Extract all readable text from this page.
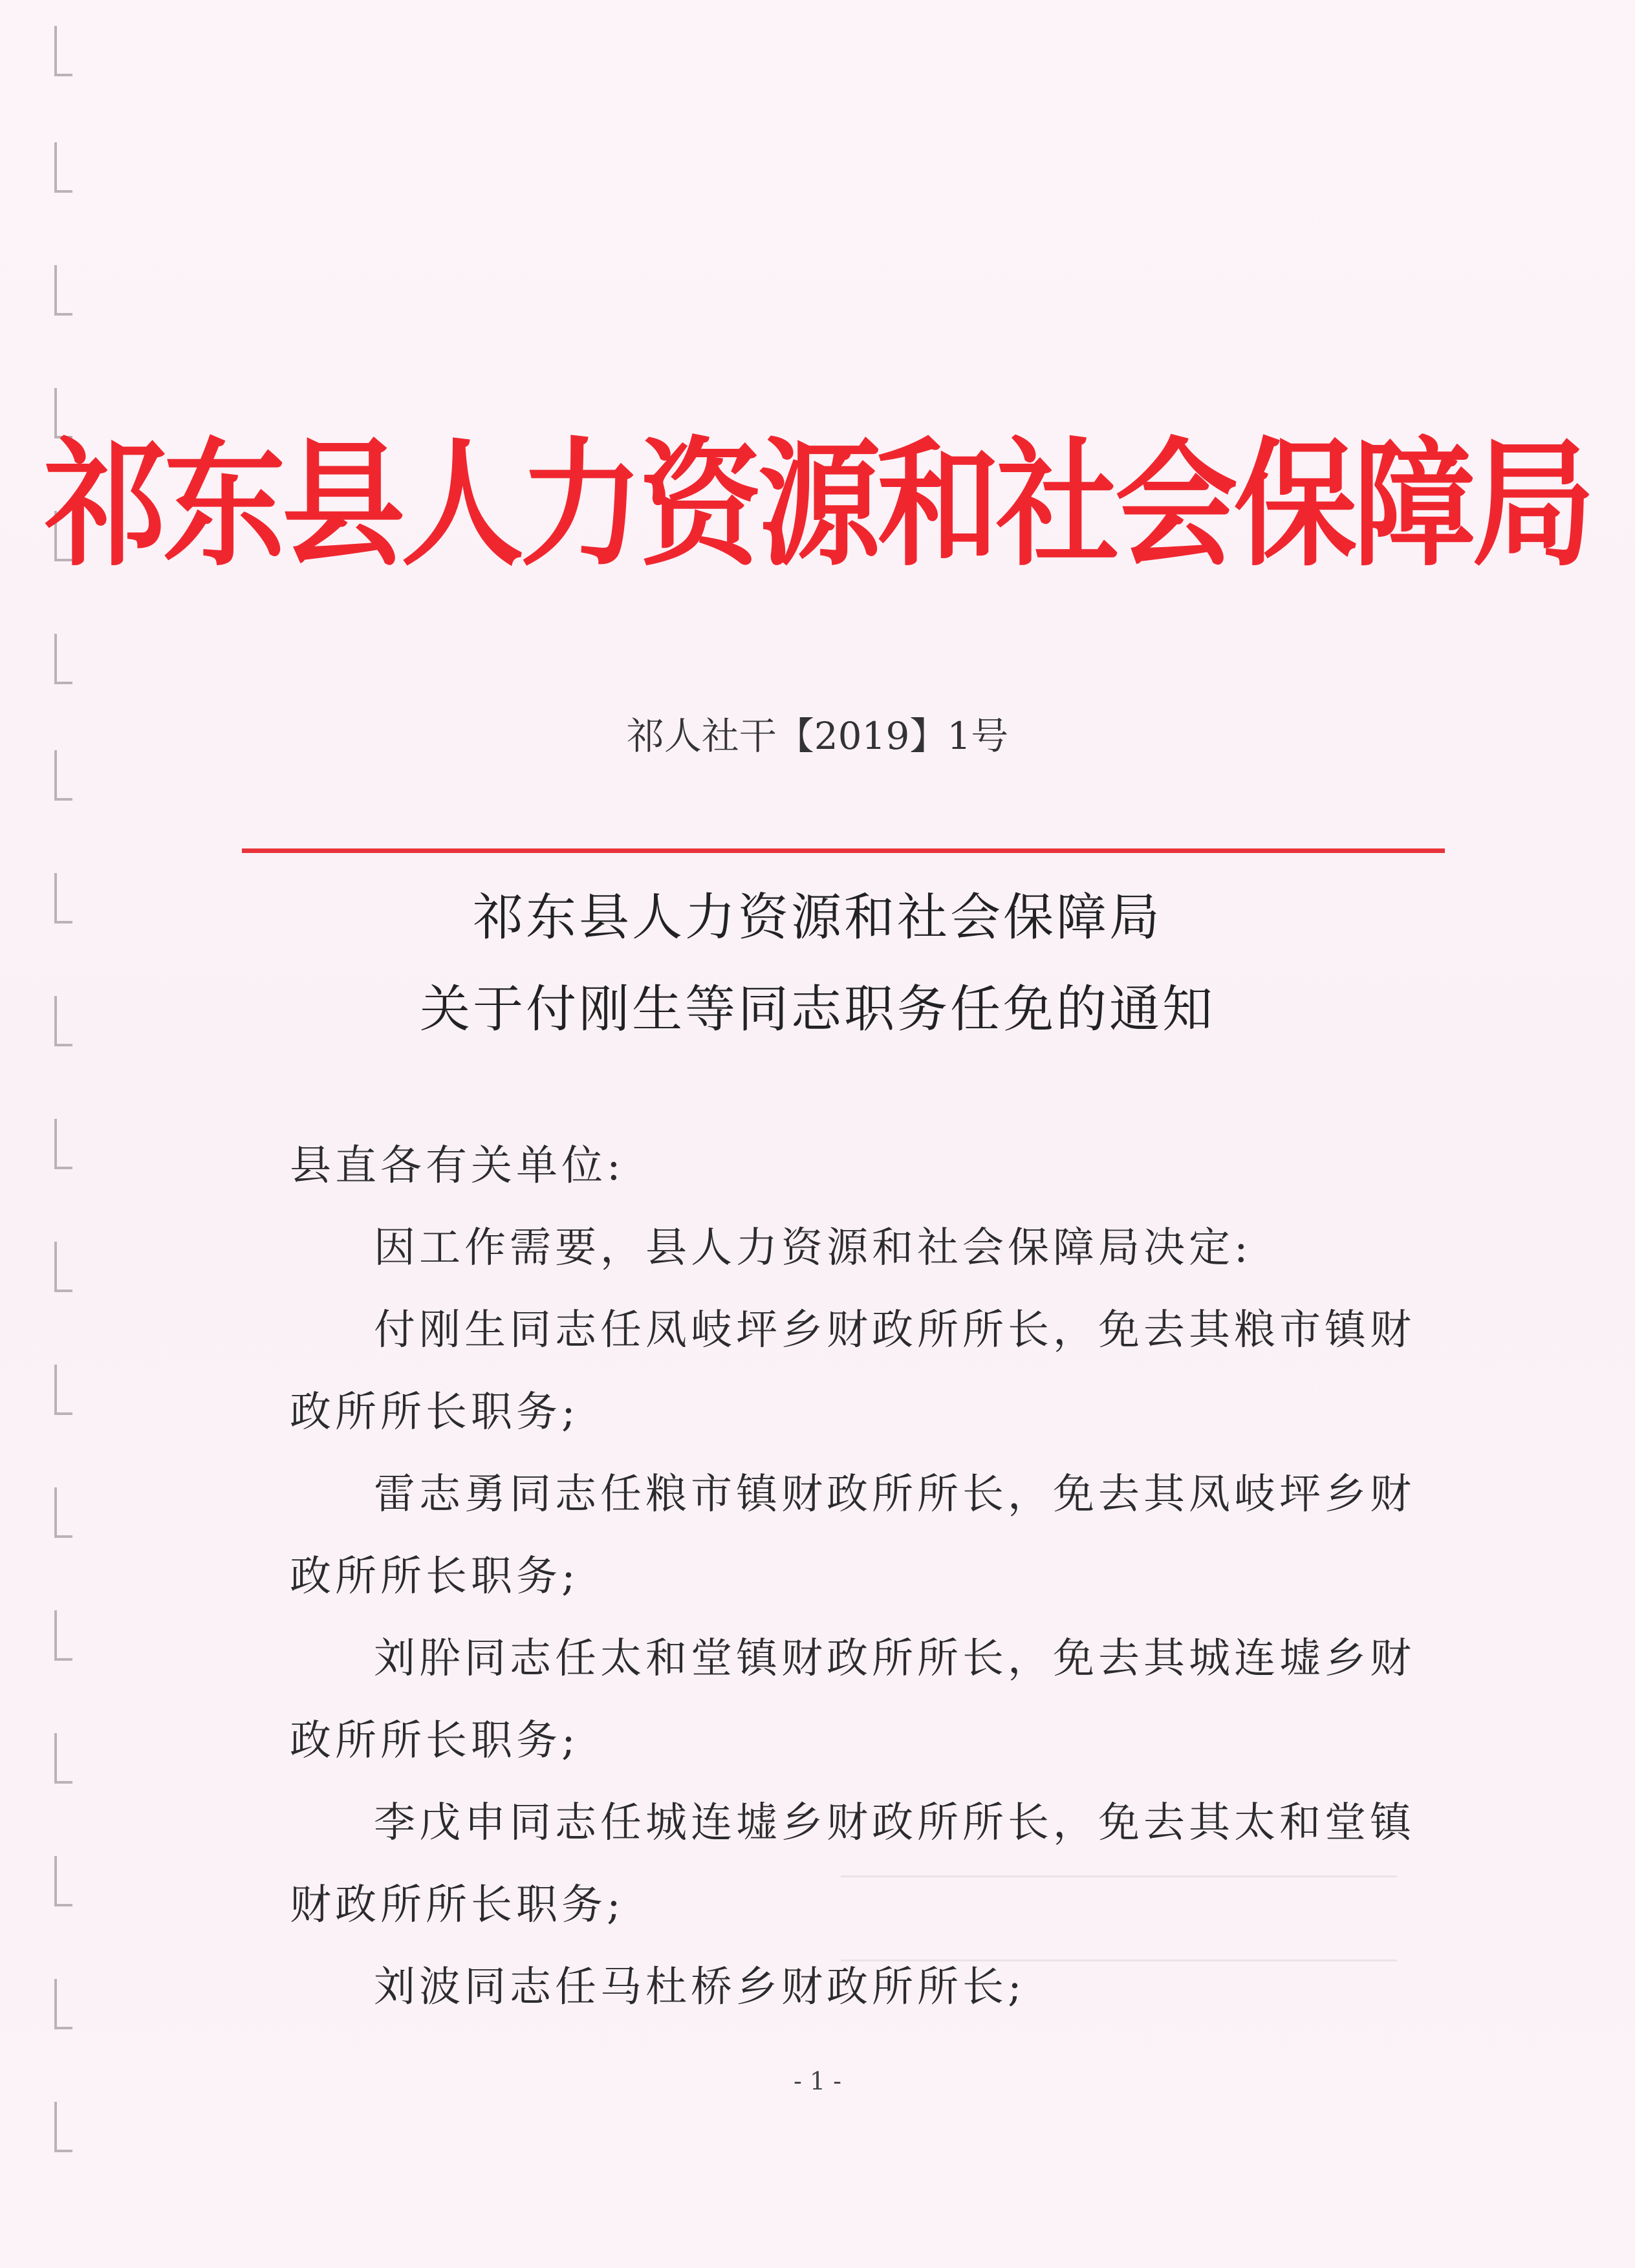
祁东县人力资源和社会保障局
祁人社干【2019】1号
祁东县人力资源和社会保障局
关于付刚生等同志职务任免的通知

县直各有关单位:

因工作需要，县人力资源和社会保障局决定:

付刚生同志任凤岐坪乡财政所所长，免去其粮市镇财政所所长职务;

雷志勇同志任粮市镇财政所所长，免去其凤岐坪乡财政所所长职务;

刘肸同志任太和堂镇财政所所长，免去其城连墟乡财政所所长职务;

李戊申同志任城连墟乡财政所所长，免去其太和堂镇财政所所长职务;

刘波同志任马杜桥乡财政所所长;

- 1 -
